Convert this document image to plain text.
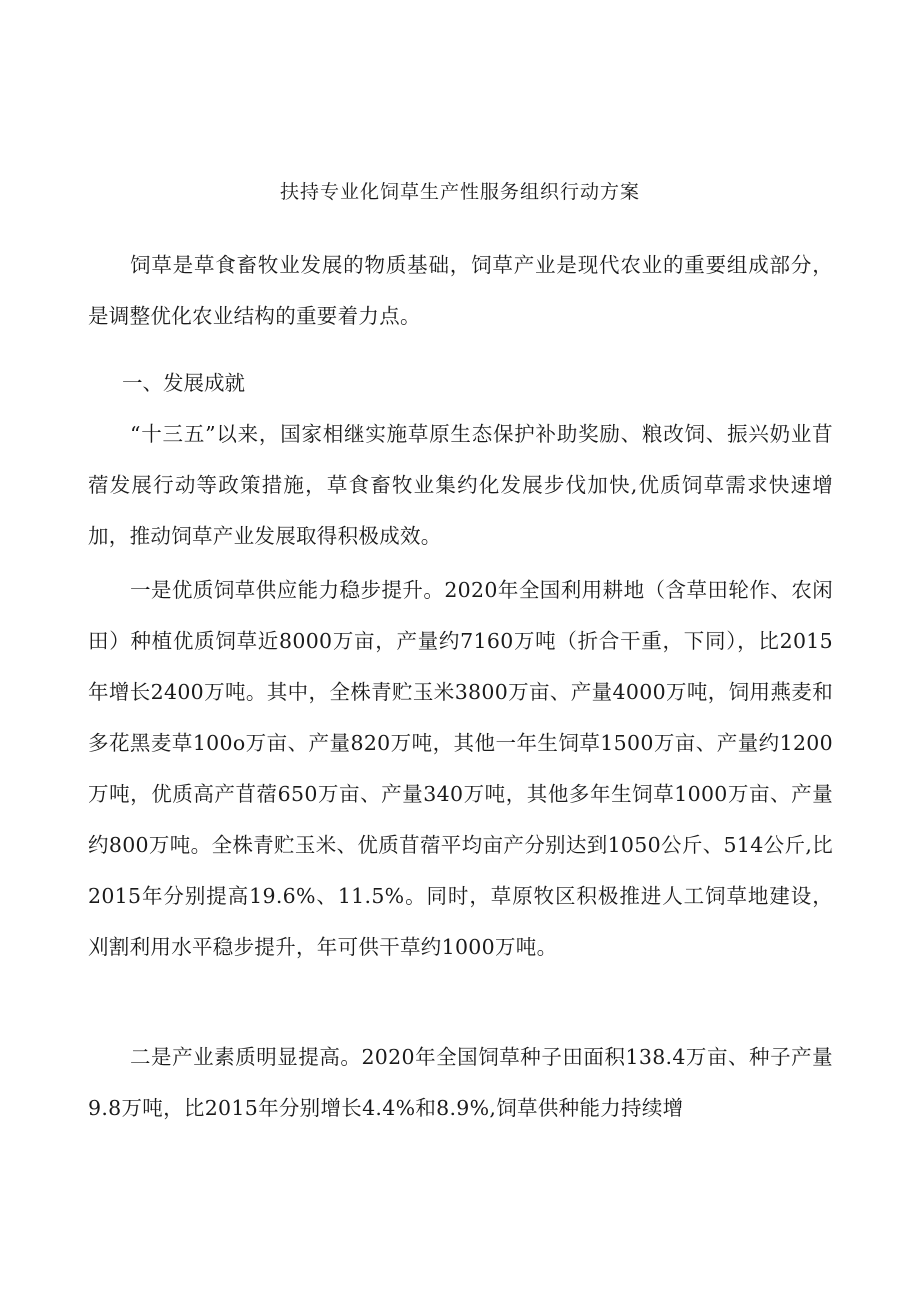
扶持专业化饲草生产性服务组织行动方案

饲草是草食畜牧业发展的物质基础，饲草产业是现代农业的重要组成部分，是调整优化农业结构的重要着力点。

一、发展成就

“十三五”以来，国家相继实施草原生态保护补助奖励、粮改饲、振兴奶业苜蓿发展行动等政策措施，草食畜牧业集约化发展步伐加快,优质饲草需求快速增加，推动饲草产业发展取得积极成效。

一是优质饲草供应能力稳步提升。2020年全国利用耕地（含草田轮作、农闲田）种植优质饲草近8000万亩，产量约7160万吨（折合干重，下同），比2015年增长2400万吨。其中，全株青贮玉米3800万亩、产量4000万吨，饲用燕麦和多花黑麦草100o万亩、产量820万吨，其他一年生饲草1500万亩、产量约1200万吨，优质高产苜蓿650万亩、产量340万吨，其他多年生饲草1000万亩、产量约800万吨。全株青贮玉米、优质苜蓿平均亩产分别达到1050公斤、514公斤,比2015年分别提高19.6%、11.5%。同时，草原牧区积极推进人工饲草地建设，刈割利用水平稳步提升，年可供干草约1000万吨。

二是产业素质明显提高。2020年全国饲草种子田面积138.4万亩、种子产量9.8万吨，比2015年分别增长4.4%和8.9%,饲草供种能力持续增
